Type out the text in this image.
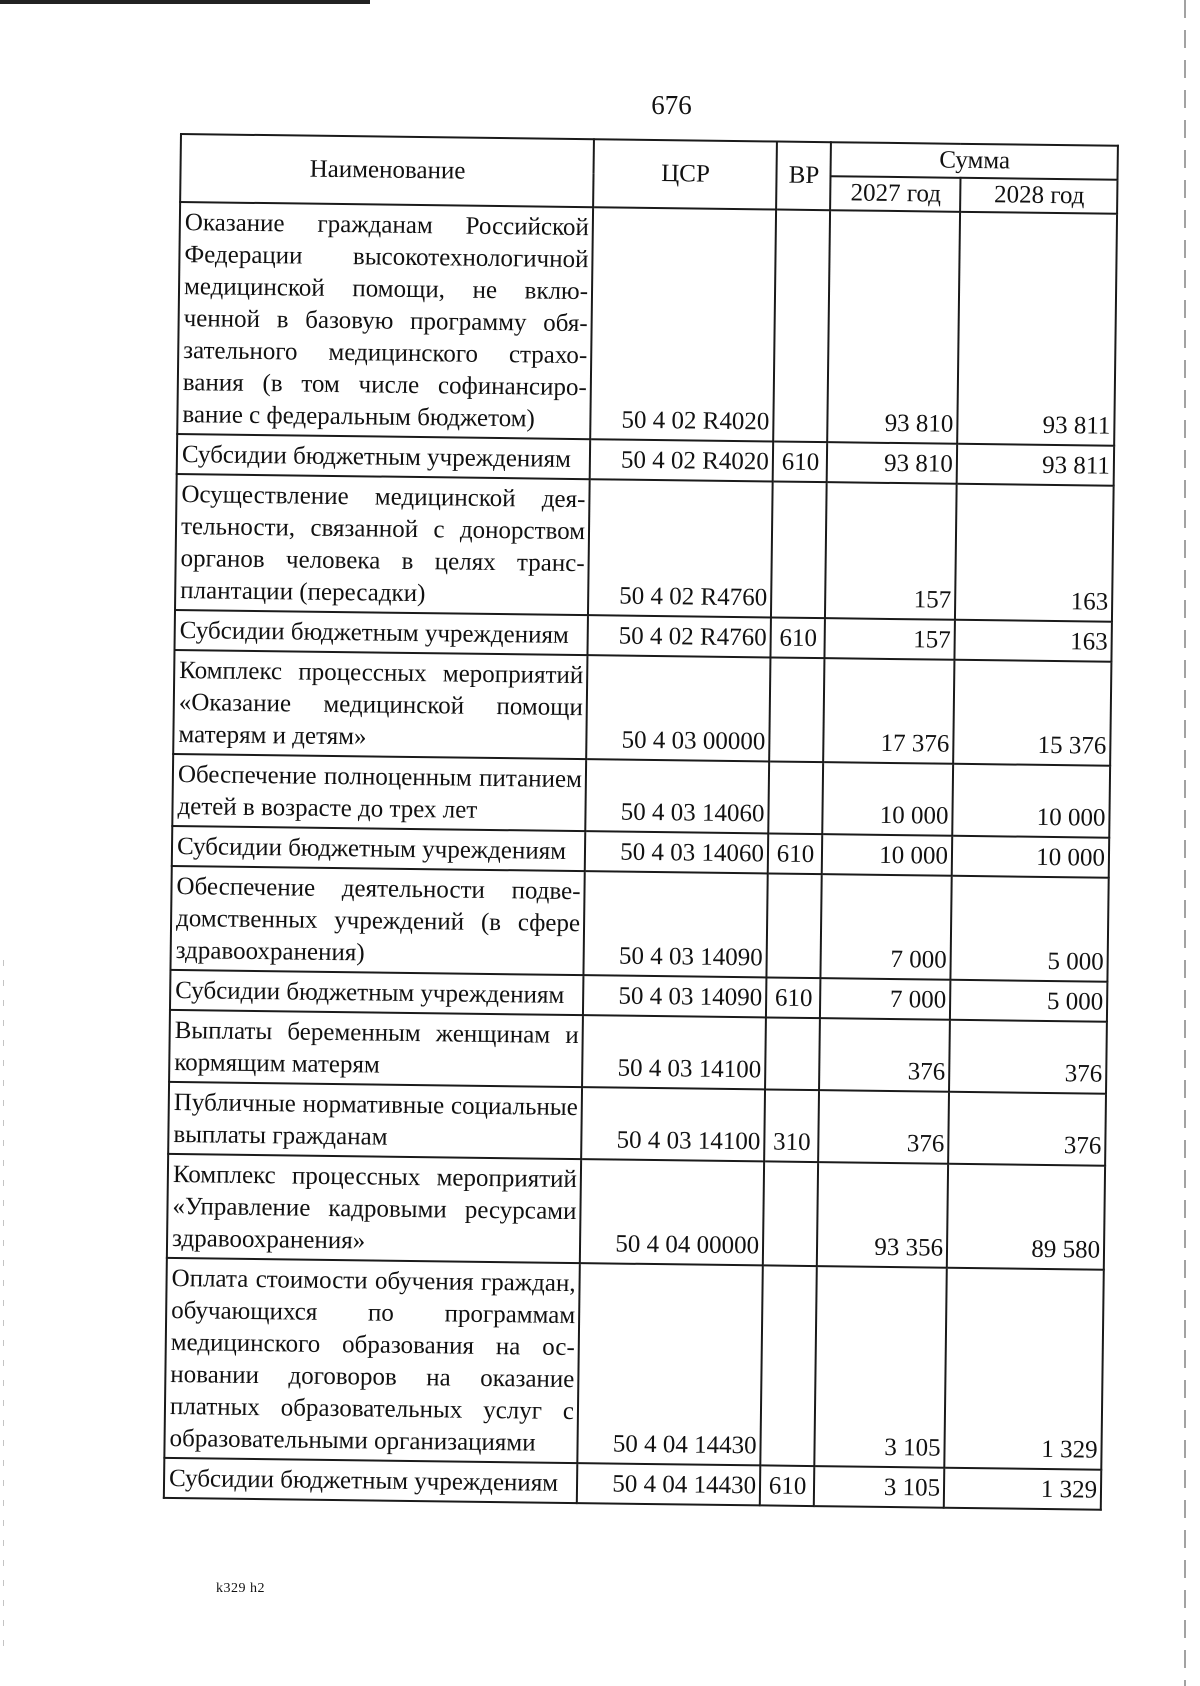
676
Наименование	ЦСР	ВР	Сумма	
			2027 год	2028 год
Оказание гражданам Российской Федерации высокотехнологичной медицинской помощи, не включенной в базовую программу обязательного медицинского страхования (в том числе софинансирование с федеральным бюджетом)	50 4 02 R4020		93 810	93 811
Субсидии бюджетным учреждениям	50 4 02 R4020	610	93 810	93 811
Осуществление медицинской деятельности, связанной с донорством органов человека в целях трансплантации (пересадки)	50 4 02 R4760		157	163
Субсидии бюджетным учреждениям	50 4 02 R4760	610	157	163
Комплекс процессных мероприятий «Оказание медицинской помощи матерям и детям»	50 4 03 00000		17 376	15 376
Обеспечение полноценным питанием детей в возрасте до трех лет	50 4 03 14060		10 000	10 000
Субсидии бюджетным учреждениям	50 4 03 14060	610	10 000	10 000
Обеспечение деятельности подведомственных учреждений (в сфере здравоохранения)	50 4 03 14090		7 000	5 000
Субсидии бюджетным учреждениям	50 4 03 14090	610	7 000	5 000
Выплаты беременным женщинам и кормящим матерям	50 4 03 14100		376	376
Публичные нормативные социальные выплаты гражданам	50 4 03 14100	310	376	376
Комплекс процессных мероприятий «Управление кадровыми ресурсами здравоохранения»	50 4 04 00000		93 356	89 580
Оплата стоимости обучения граждан, обучающихся по программам медицинского образования на основании договоров на оказание платных образовательных услуг с образовательными организациями	50 4 04 14430		3 105	1 329
Субсидии бюджетным учреждениям	50 4 04 14430	610	3 105	1 329
k329 h2
